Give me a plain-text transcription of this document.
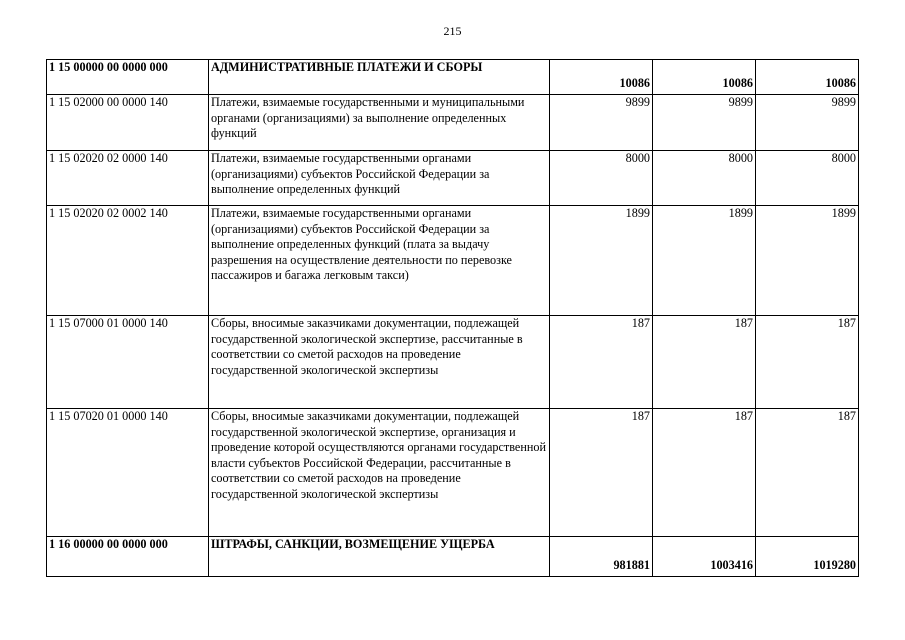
215
1 15 00000 00 0000 000	АДМИНИСТРАТИВНЫЕ ПЛАТЕЖИ И СБОРЫ	10086	10086	10086
1 15 02000 00 0000 140	Платежи, взимаемые государственными и муниципальными органами (организациями) за выполнение определенных функций	9899	9899	9899
1 15 02020 02 0000 140	Платежи, взимаемые государственными органами (организациями) субъектов Российской Федерации за выполнение определенных функций	8000	8000	8000
1 15 02020 02 0002 140	Платежи, взимаемые государственными органами (организациями) субъектов Российской Федерации за выполнение определенных функций (плата за выдачу разрешения на осуществление деятельности по перевозке пассажиров и багажа легковым такси)	1899	1899	1899
1 15 07000 01 0000 140	Сборы, вносимые заказчиками документации, подлежащей государственной экологической экспертизе, рассчитанные в соответствии со сметой расходов на проведение государственной экологической экспертизы	187	187	187
1 15 07020 01 0000 140	Сборы, вносимые заказчиками документации, подлежащей государственной экологической экспертизе, организация и проведение которой осуществляются органами государственной власти субъектов Российской Федерации, рассчитанные в соответствии со сметой расходов на проведение государственной экологической экспертизы	187	187	187
1 16 00000 00 0000 000	ШТРАФЫ, САНКЦИИ, ВОЗМЕЩЕНИЕ УЩЕРБА	981881	1003416	1019280
